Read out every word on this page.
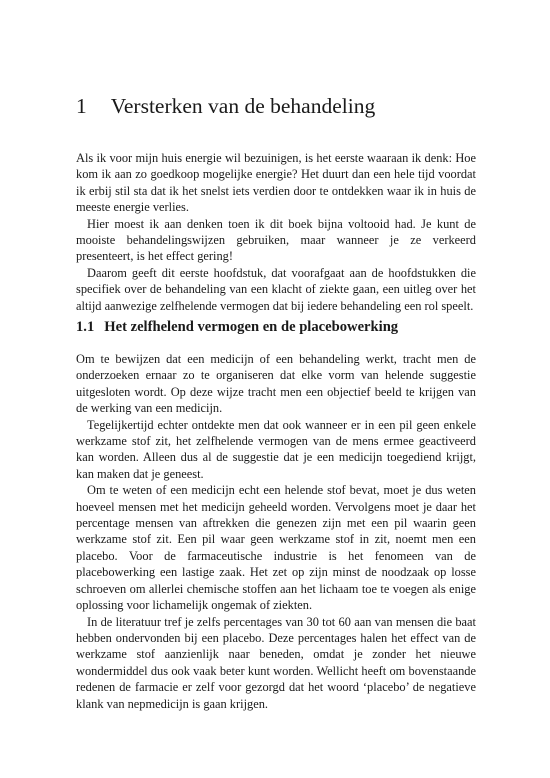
1 Versterken van de behandeling

Als ik voor mijn huis energie wil bezuinigen, is het eerste waaraan ik denk: Hoe kom ik aan zo goedkoop mogelijke energie? Het duurt dan een hele tijd voordat ik erbij stil sta dat ik het snelst iets verdien door te ontdekken waar ik in huis de meeste energie verlies.

Hier moest ik aan denken toen ik dit boek bijna voltooid had. Je kunt de mooiste behandelingswijzen gebruiken, maar wanneer je ze verkeerd presenteert, is het effect gering!

Daarom geeft dit eerste hoofdstuk, dat voorafgaat aan de hoofdstukken die specifiek over de behandeling van een klacht of ziekte gaan, een uitleg over het altijd aanwezige zelfhelende vermogen dat bij iedere behandeling een rol speelt.

1.1 Het zelfhelend vermogen en de placebowerking

Om te bewijzen dat een medicijn of een behandeling werkt, tracht men de onderzoeken ernaar zo te organiseren dat elke vorm van helende suggestie uitgesloten wordt. Op deze wijze tracht men een objectief beeld te krijgen van de werking van een medicijn.

Tegelijkertijd echter ontdekte men dat ook wanneer er in een pil geen enkele werkzame stof zit, het zelfhelende vermogen van de mens ermee geactiveerd kan worden. Alleen dus al de suggestie dat je een medicijn toegediend krijgt, kan maken dat je geneest.

Om te weten of een medicijn echt een helende stof bevat, moet je dus weten hoeveel mensen met het medicijn geheeld worden. Vervolgens moet je daar het percentage mensen van aftrekken die genezen zijn met een pil waarin geen werkzame stof zit. Een pil waar geen werkzame stof in zit, noemt men een placebo. Voor de farmaceutische industrie is het fenomeen van de placebowerking een lastige zaak. Het zet op zijn minst de noodzaak op losse schroeven om allerlei chemische stoffen aan het lichaam toe te voegen als enige oplossing voor lichamelijk ongemak of ziekten.

In de literatuur tref je zelfs percentages van 30 tot 60 aan van mensen die baat hebben ondervonden bij een placebo. Deze percentages halen het effect van de werkzame stof aanzienlijk naar beneden, omdat je zonder het nieuwe wondermiddel dus ook vaak beter kunt worden. Wellicht heeft om bovenstaande redenen de farmacie er zelf voor gezorgd dat het woord ‘placebo’ de negatieve klank van nepmedicijn is gaan krijgen.
